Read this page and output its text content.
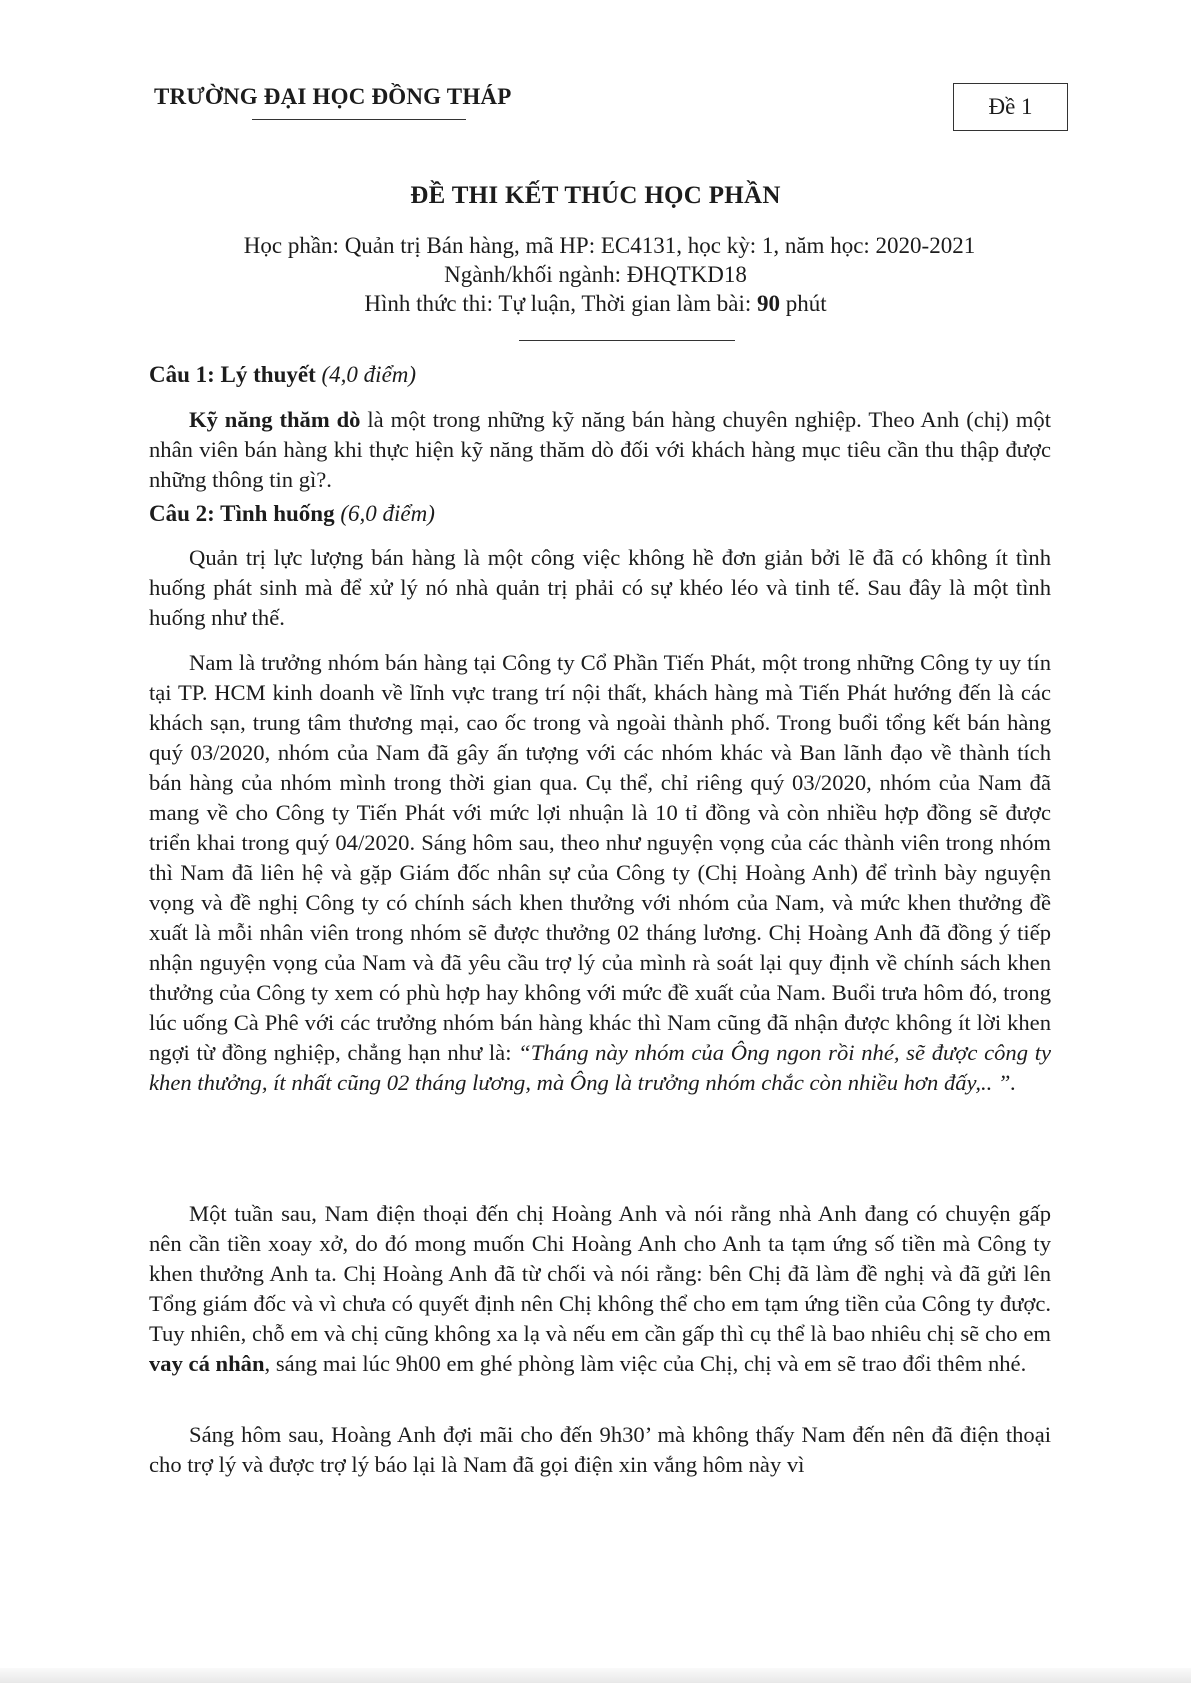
TRƯỜNG ĐẠI HỌC ĐỒNG THÁP	Đề 1
ĐỀ THI KẾT THÚC HỌC PHẦN
Học phần: Quản trị Bán hàng, mã HP: EC4131, học kỳ: 1, năm học: 2020-2021
Ngành/khối ngành: ĐHQTKD18
Hình thức thi: Tự luận, Thời gian làm bài: 90 phút
Câu 1: Lý thuyết (4,0 điểm)
Kỹ năng thăm dò là một trong những kỹ năng bán hàng chuyên nghiệp. Theo Anh (chị) một nhân viên bán hàng khi thực hiện kỹ năng thăm dò đối với khách hàng mục tiêu cần thu thập được những thông tin gì?.
Câu 2: Tình huống (6,0 điểm)
Quản trị lực lượng bán hàng là một công việc không hề đơn giản bởi lẽ đã có không ít tình huống phát sinh mà để xử lý nó nhà quản trị phải có sự khéo léo và tinh tế. Sau đây là một tình huống như thế.
Nam là trưởng nhóm bán hàng tại Công ty Cổ Phần Tiến Phát, một trong những Công ty uy tín tại TP. HCM kinh doanh về lĩnh vực trang trí nội thất, khách hàng mà Tiến Phát hướng đến là các khách sạn, trung tâm thương mại, cao ốc trong và ngoài thành phố. Trong buổi tổng kết bán hàng quý 03/2020, nhóm của Nam đã gây ấn tượng với các nhóm khác và Ban lãnh đạo về thành tích bán hàng của nhóm mình trong thời gian qua. Cụ thể, chỉ riêng quý 03/2020, nhóm của Nam đã mang về cho Công ty Tiến Phát với mức lợi nhuận là 10 tỉ đồng và còn nhiều hợp đồng sẽ được triển khai trong quý 04/2020. Sáng hôm sau, theo như nguyện vọng của các thành viên trong nhóm thì Nam đã liên hệ và gặp Giám đốc nhân sự của Công ty (Chị Hoàng Anh) để trình bày nguyện vọng và đề nghị Công ty có chính sách khen thưởng với nhóm của Nam, và mức khen thưởng đề xuất là mỗi nhân viên trong nhóm sẽ được thưởng 02 tháng lương. Chị Hoàng Anh đã đồng ý tiếp nhận nguyện vọng của Nam và đã yêu cầu trợ lý của mình rà soát lại quy định về chính sách khen thưởng của Công ty xem có phù hợp hay không với mức đề xuất của Nam. Buổi trưa hôm đó, trong lúc uống Cà Phê với các trưởng nhóm bán hàng khác thì Nam cũng đã nhận được không ít lời khen ngợi từ đồng nghiệp, chẳng hạn như là: “Tháng này nhóm của Ông ngon rồi nhé, sẽ được công ty khen thưởng, ít nhất cũng 02 tháng lương, mà Ông là trưởng nhóm chắc còn nhiều hơn đấy,.. ”.
Một tuần sau, Nam điện thoại đến chị Hoàng Anh và nói rằng nhà Anh đang có chuyện gấp nên cần tiền xoay xở, do đó mong muốn Chi Hoàng Anh cho Anh ta tạm ứng số tiền mà Công ty khen thưởng Anh ta. Chị Hoàng Anh đã từ chối và nói rằng: bên Chị đã làm đề nghị và đã gửi lên Tổng giám đốc và vì chưa có quyết định nên Chị không thể cho em tạm ứng tiền của Công ty được. Tuy nhiên, chỗ em và chị cũng không xa lạ và nếu em cần gấp thì cụ thể là bao nhiêu chị sẽ cho em vay cá nhân, sáng mai lúc 9h00 em ghé phòng làm việc của Chị, chị và em sẽ trao đổi thêm nhé.
Sáng hôm sau, Hoàng Anh đợi mãi cho đến 9h30’ mà không thấy Nam đến nên đã điện thoại cho trợ lý và được trợ lý báo lại là Nam đã gọi điện xin vắng hôm này vì
